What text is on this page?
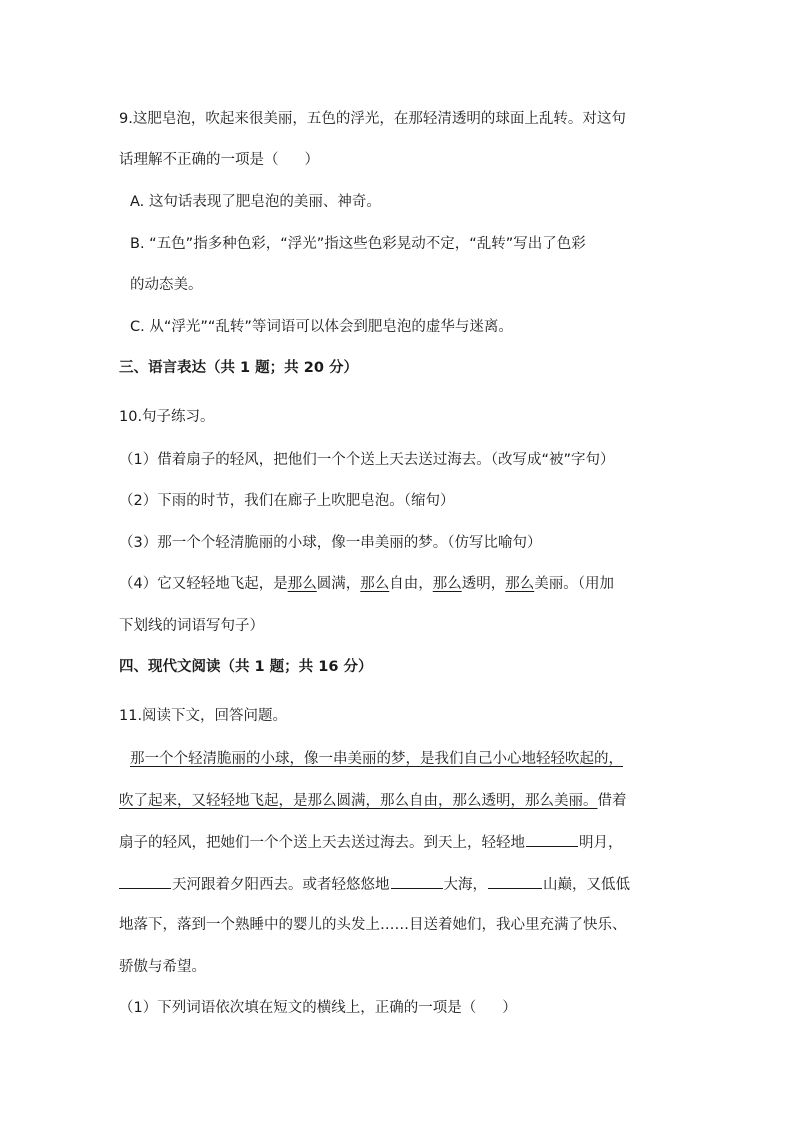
9.这肥皂泡，吹起来很美丽，五色的浮光，在那轻清透明的球面上乱转。对这句
话理解不正确的一项是（ ）
A. 这句话表现了肥皂泡的美丽、神奇。
B. “五色”指多种色彩，“浮光”指这些色彩晃动不定，“乱转”写出了色彩
的动态美。
C. 从“浮光”“乱转”等词语可以体会到肥皂泡的虚华与迷离。
三、语言表达（共 1 题；共 20 分）
10.句子练习。
（1）借着扇子的轻风，把他们一个个送上天去送过海去。（改写成“被”字句）
（2）下雨的时节，我们在廊子上吹肥皂泡。（缩句）
（3）那一个个轻清脆丽的小球，像一串美丽的梦。（仿写比喻句）
（4）它又轻轻地飞起，是那么圆满，那么自由，那么透明，那么美丽。（用加
下划线的词语写句子）
四、现代文阅读（共 1 题；共 16 分）
11.阅读下文，回答问题。
那一个个轻清脆丽的小球，像一串美丽的梦，是我们自己小心地轻轻吹起的，
吹了起来，又轻轻地飞起，是那么圆满，那么自由，那么透明，那么美丽。借着
扇子的轻风，把她们一个个送上天去送过海去。到天上，轻轻地	明月，
天河跟着夕阳西去。或者轻悠悠地	大海，	山巅，又低低
地落下，落到一个熟睡中的婴儿的头发上……目送着她们，我心里充满了快乐、
骄傲与希望。
（1）下列词语依次填在短文的横线上，正确的一项是（ ）
